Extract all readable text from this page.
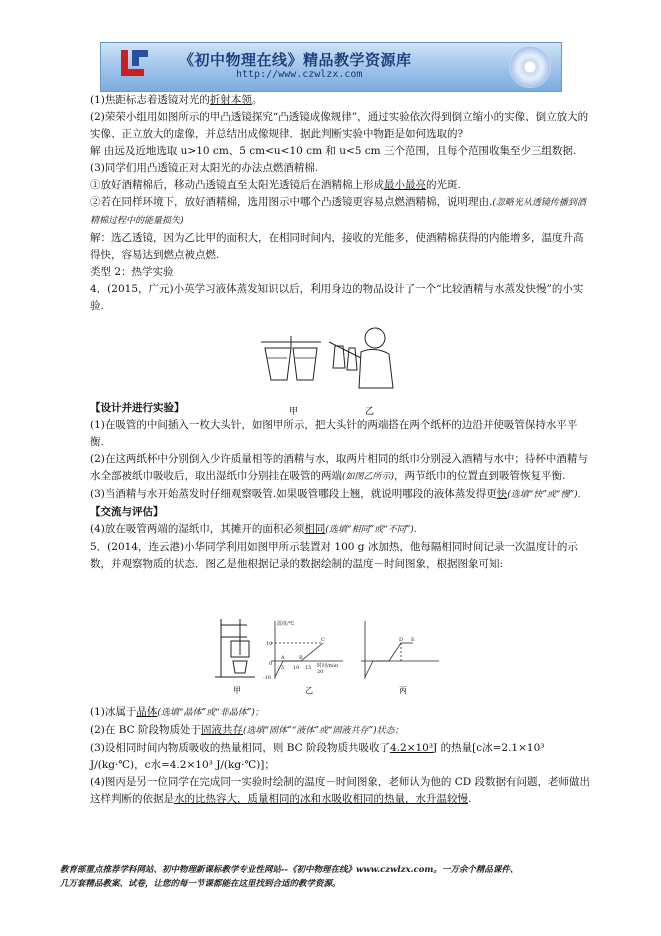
《初中物理在线》精品教学资源库
http://www.czwlzx.com

(1)焦距标志着透镜对光的折射本领。

(2)荣荣小组用如图所示的甲凸透镜探究“凸透镜成像规律”，通过实验依次得到倒立缩小的实像、倒立放大的实像、正立放大的虚像，并总结出成像规律．据此判断实验中物距是如何选取的?

解 由远及近地选取 u>10 cm、5 cm<u<10 cm 和 u<5 cm 三个范围，且每个范围收集至少三组数据.

(3)同学们用凸透镜正对太阳光的办法点燃酒精棉.

①放好酒精棉后，移动凸透镜直至太阳光透镜后在酒精棉上形成最小最亮的光斑.

②若在同样环境下，放好酒精棉，选用图示中哪个凸透镜更容易点燃酒精棉，说明理由.(忽略光从透镜传播到酒精棉过程中的能量损失)

解：选乙透镜，因为乙比甲的面积大，在相同时间内，接收的光能多，使酒精棉获得的内能增多，温度升高得快，容易达到燃点被点燃.

类型 2：热学实验

4．(2015，广元)小英学习液体蒸发知识以后，利用身边的物品设计了一个“比较酒精与水蒸发快慢”的小实验.

甲	乙

【设计并进行实验】

(1)在吸管的中间插入一枚大头针，如图甲所示，把大头针的两端搭在两个纸杯的边沿并使吸管保持水平平衡.

(2)在这两纸杯中分别倒入少许质量相等的酒精与水，取两片相同的纸巾分别浸入酒精与水中；待杯中酒精与水全部被纸巾吸收后，取出湿纸巾分别挂在吸管的两端(如图乙所示)，两节纸巾的位置直到吸管恢复平衡.

(3)当酒精与水开始蒸发时仔细观察吸管.如果吸管哪段上翘，就说明哪段的液体蒸发得更快(选填“快”或“慢”).

【交流与评估】

(4)放在吸管两端的湿纸巾，其摊开的面积必须相同(选填“相同”或“不同”).

5．(2014，连云港)小华同学利用如图甲所示装置对 100 g 冰加热，他每隔相同时间记录一次温度计的示数，并观察物质的状态．图乙是他根据记录的数据绘制的温度－时间图象，根据图象可知:

温度/℃
时间/min
10
0
-10
5 10 15
20
A	B
C	D E
甲	乙	丙

(1)冰属于晶体(选填“晶体”或“非晶体”)；

(2)在 BC 阶段物质处于固液共存(选填“固体”“液体”或“固液共存”)状态；

(3)设相同时间内物质吸收的热量相同，则 BC 阶段物质共吸收了4.2×10³J 的热量[c冰=2.1×10³ J/(kg·℃)，c水=4.2×10³ J/(kg·℃)]；

(4)图丙是另一位同学在完成同一实验时绘制的温度－时间图象，老师认为他的 CD 段数据有问题，老师做出这样判断的依据是水的比热容大，质量相同的冰和水吸收相同的热量，水升温较慢.

教育部重点推荐学科网站、初中物理新课标教学专业性网站--《初中物理在线》www.czwlzx.com。一万余个精品课件、
几万套精品教案、试卷，让您的每一节课都能在这里找到合适的教学资源。
